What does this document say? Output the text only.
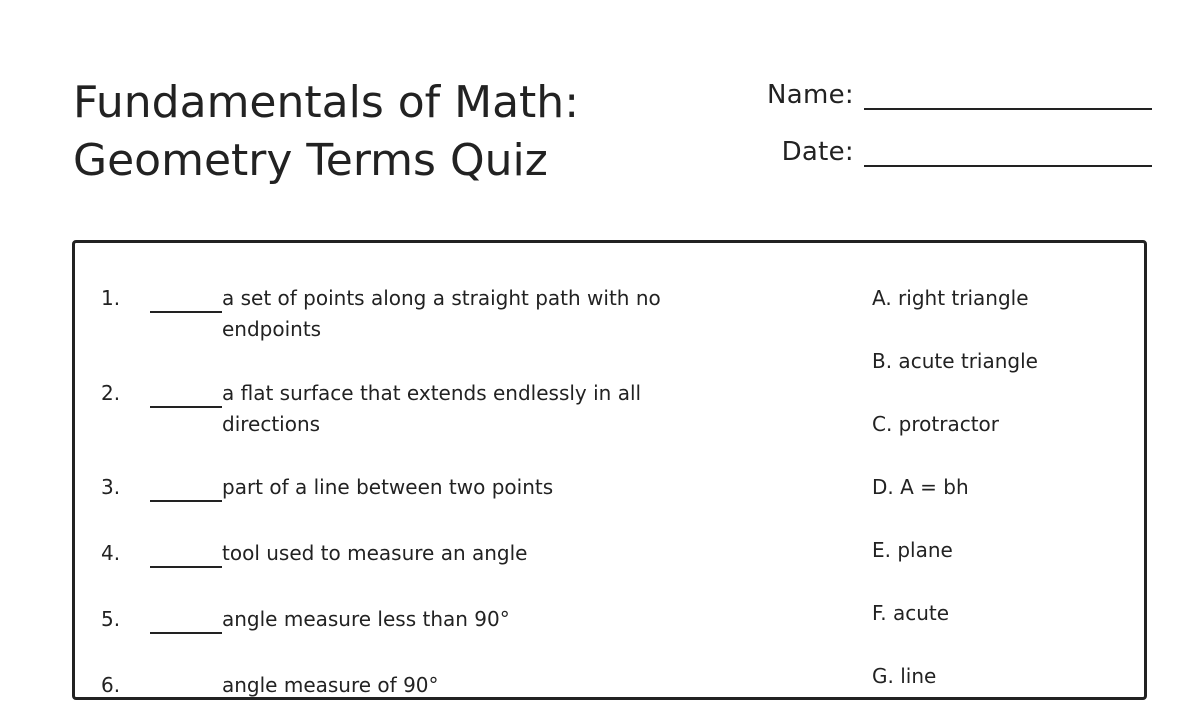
Fundamentals of Math:
Geometry Terms Quiz
Name:
Date:
1.	a set of points along a straight path with no endpoints
2.	a flat surface that extends endlessly in all directions
3.	part of a line between two points
4.	tool used to measure an angle
5.	angle measure less than 90°
6.	angle measure of 90°
A. right triangle
B. acute triangle
C. protractor
D. A = bh
E. plane
F. acute
G. line
